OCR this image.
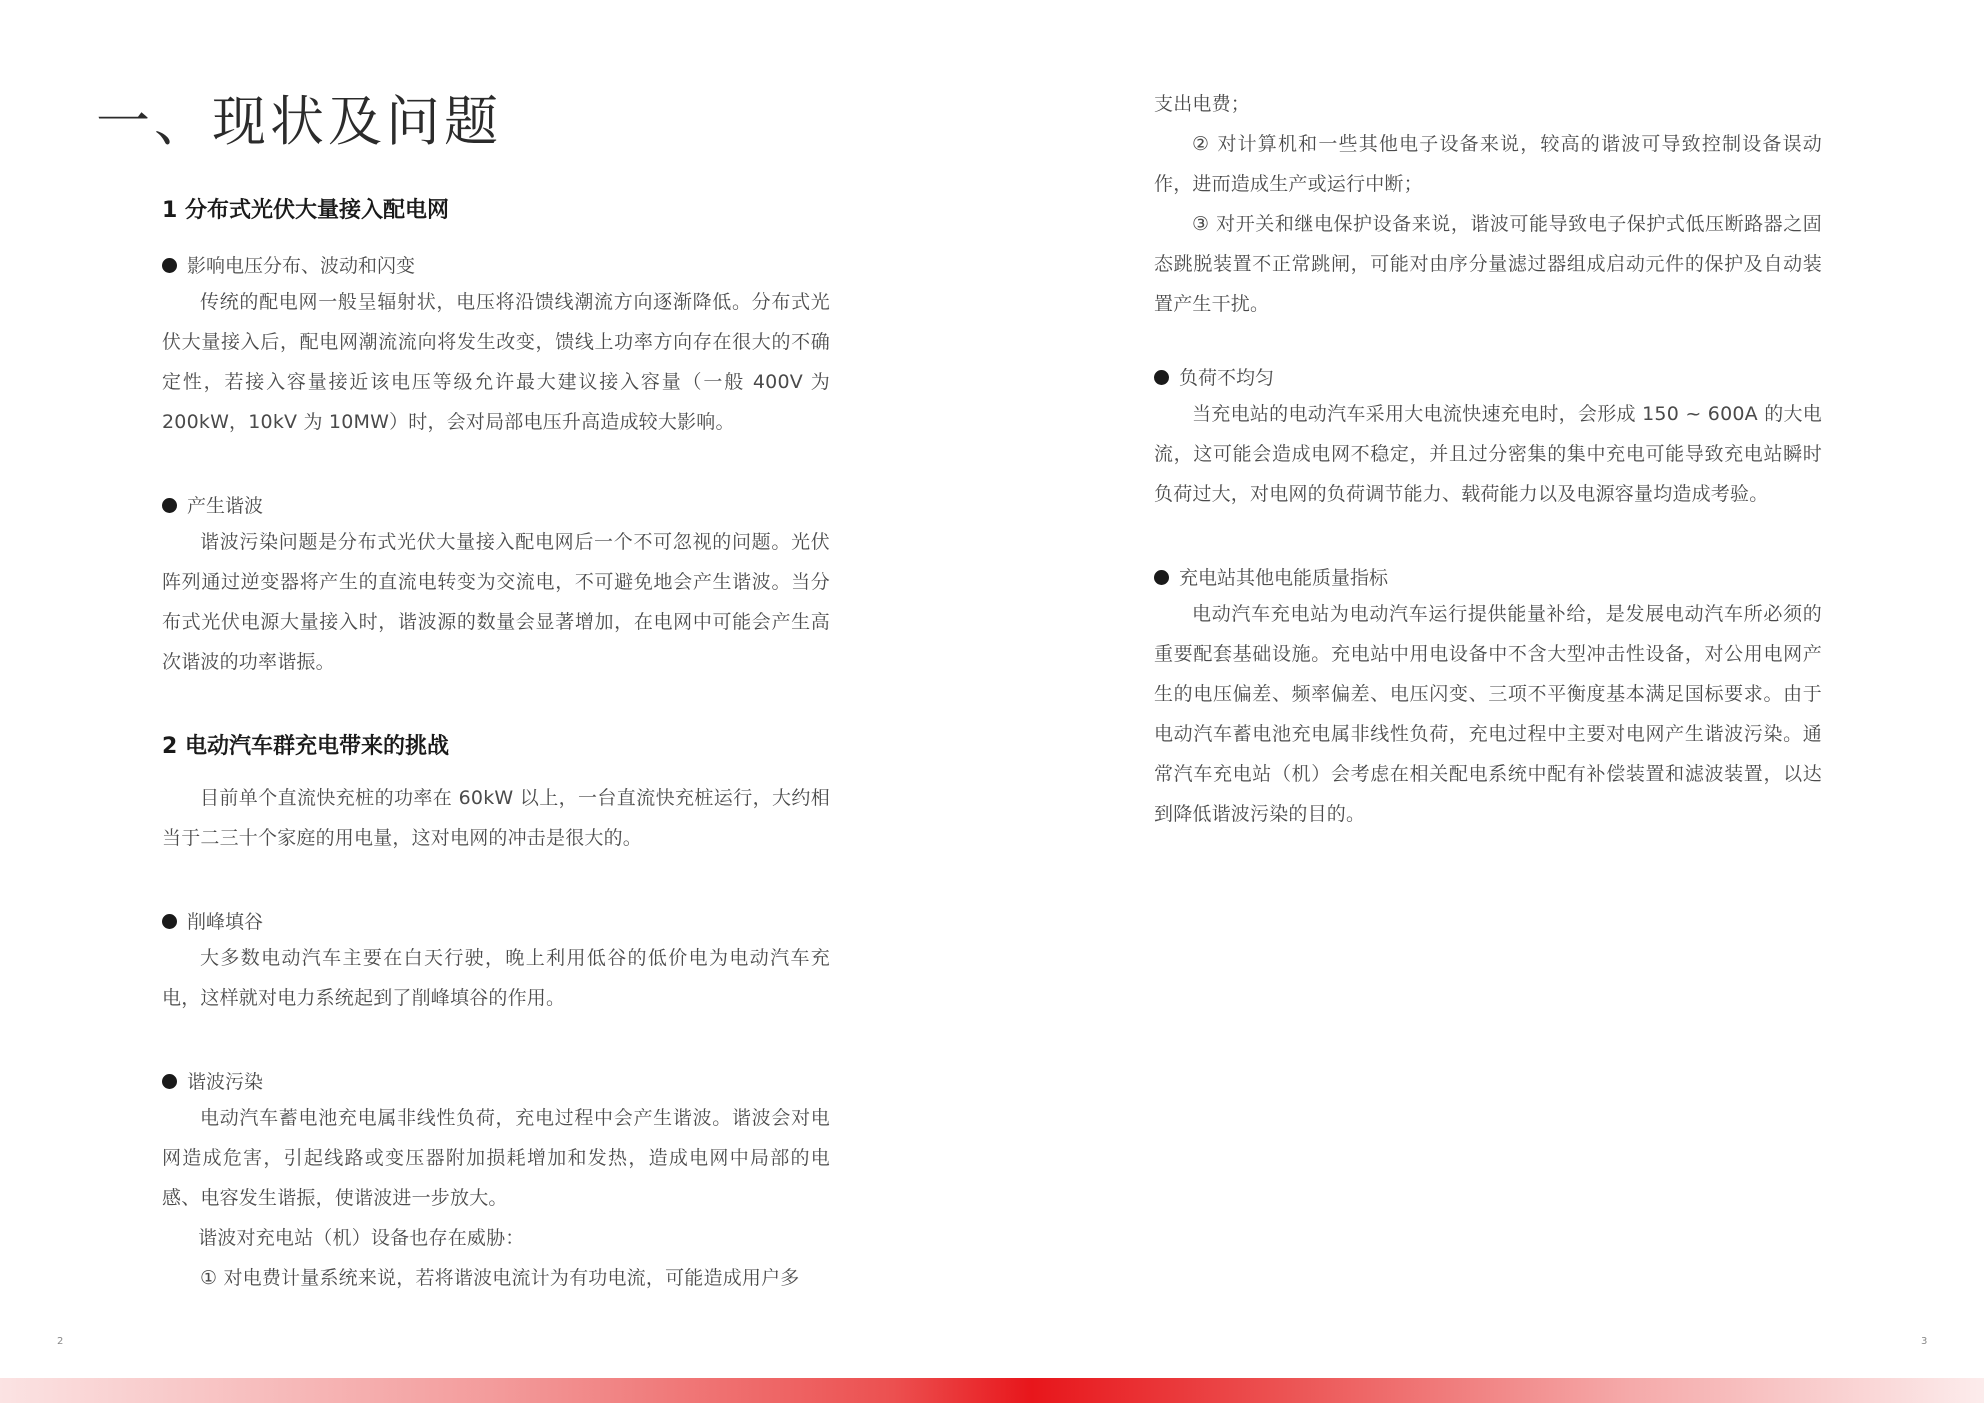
一、现状及问题
1 分布式光伏大量接入配电网
影响电压分布、波动和闪变

传统的配电网一般呈辐射状，电压将沿馈线潮流方向逐渐降低。分布式光伏大量接入后，配电网潮流流向将发生改变，馈线上功率方向存在很大的不确定性，若接入容量接近该电压等级允许最大建议接入容量（一般 400V 为 200kW，10kV 为 10MW）时，会对局部电压升高造成较大影响。

产生谐波

谐波污染问题是分布式光伏大量接入配电网后一个不可忽视的问题。光伏阵列通过逆变器将产生的直流电转变为交流电，不可避免地会产生谐波。当分布式光伏电源大量接入时，谐波源的数量会显著增加，在电网中可能会产生高次谐波的功率谐振。

2 电动汽车群充电带来的挑战

目前单个直流快充桩的功率在 60kW 以上，一台直流快充桩运行，大约相当于二三十个家庭的用电量，这对电网的冲击是很大的。

削峰填谷

大多数电动汽车主要在白天行驶，晚上利用低谷的低价电为电动汽车充电，这样就对电力系统起到了削峰填谷的作用。

谐波污染

电动汽车蓄电池充电属非线性负荷，充电过程中会产生谐波。谐波会对电网造成危害，引起线路或变压器附加损耗增加和发热，造成电网中局部的电感、电容发生谐振，使谐波进一步放大。

谐波对充电站（机）设备也存在威胁：

① 对电费计量系统来说，若将谐波电流计为有功电流，可能造成用户多

支出电费；

② 对计算机和一些其他电子设备来说，较高的谐波可导致控制设备误动作，进而造成生产或运行中断；

③ 对开关和继电保护设备来说，谐波可能导致电子保护式低压断路器之固态跳脱装置不正常跳闸，可能对由序分量滤过器组成启动元件的保护及自动装置产生干扰。

负荷不均匀

当充电站的电动汽车采用大电流快速充电时，会形成 150 ~ 600A 的大电流，这可能会造成电网不稳定，并且过分密集的集中充电可能导致充电站瞬时负荷过大，对电网的负荷调节能力、载荷能力以及电源容量均造成考验。

充电站其他电能质量指标

电动汽车充电站为电动汽车运行提供能量补给，是发展电动汽车所必须的重要配套基础设施。充电站中用电设备中不含大型冲击性设备，对公用电网产生的电压偏差、频率偏差、电压闪变、三项不平衡度基本满足国标要求。由于电动汽车蓄电池充电属非线性负荷，充电过程中主要对电网产生谐波污染。通常汽车充电站（机）会考虑在相关配电系统中配有补偿装置和滤波装置，以达到降低谐波污染的目的。

2	3
